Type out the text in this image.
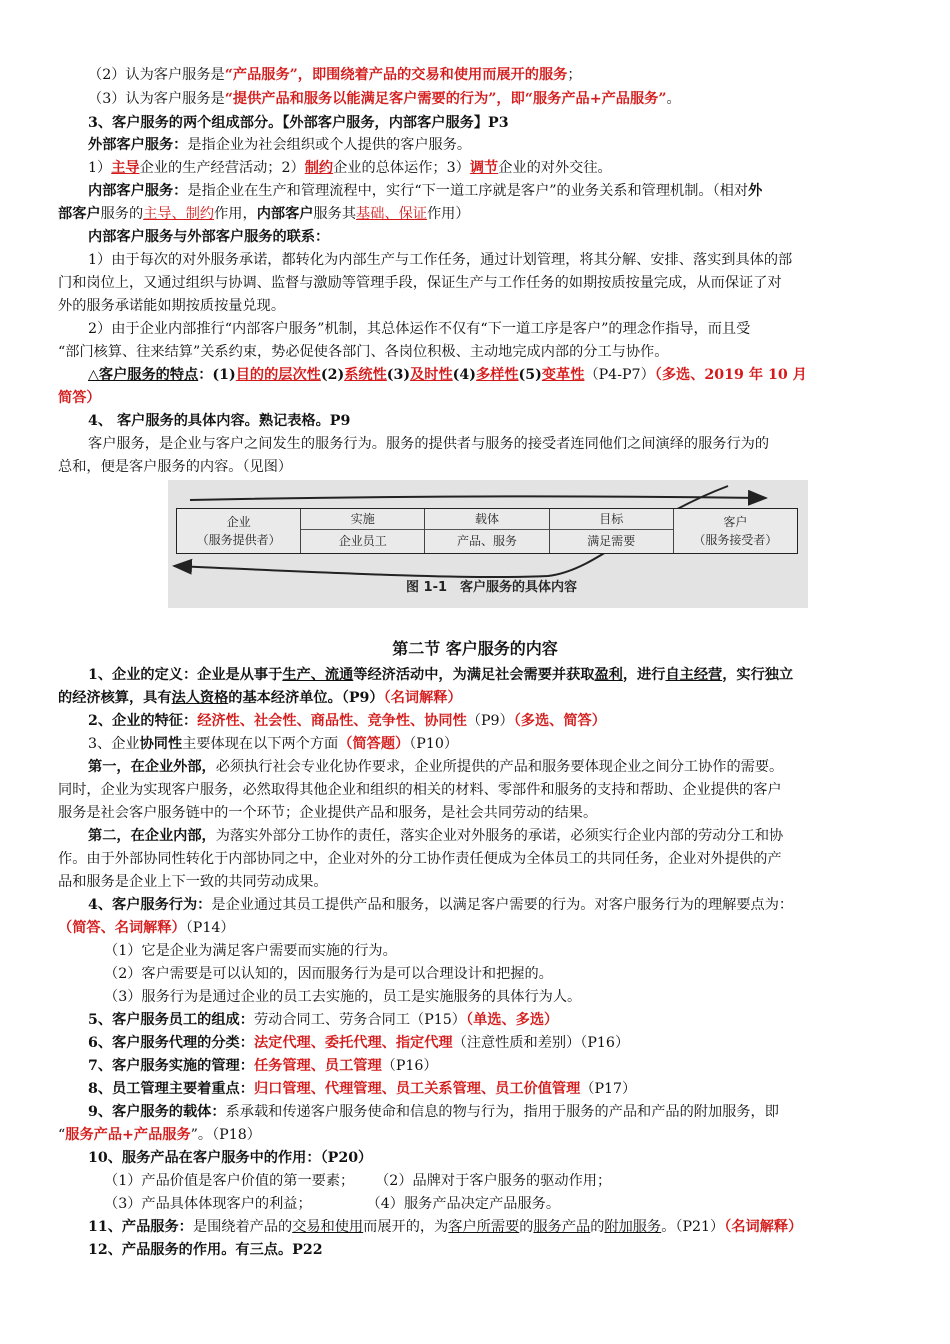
（2）认为客户服务是“产品服务”，即围绕着产品的交易和使用而展开的服务；
（3）认为客户服务是“提供产品和服务以能满足客户需要的行为”，即“服务产品+产品服务”。
3、客户服务的两个组成部分。【外部客户服务，内部客户服务】P3
外部客户服务：是指企业为社会组织或个人提供的客户服务。
1）主导企业的生产经营活动；2）制约企业的总体运作；3）调节企业的对外交往。
内部客户服务：是指企业在生产和管理流程中，实行“下一道工序就是客户”的业务关系和管理机制。（相对外
部客户服务的主导、制约作用，内部客户服务其基础、保证作用）
内部客户服务与外部客户服务的联系：
1）由于每次的对外服务承诺，都转化为内部生产与工作任务，通过计划管理，将其分解、安排、落实到具体的部
门和岗位上，又通过组织与协调、监督与激励等管理手段，保证生产与工作任务的如期按质按量完成，从而保证了对
外的服务承诺能如期按质按量兑现。
2）由于企业内部推行“内部客户服务”机制，其总体运作不仅有“下一道工序是客户”的理念作指导，而且受
“部门核算、往来结算”关系约束，势必促使各部门、各岗位积极、主动地完成内部的分工与协作。
△客户服务的特点：(1)目的的层次性(2)系统性(3)及时性(4)多样性(5)变革性（P4-P7）（多选、2019 年 10 月
简答）
4、 客户服务的具体内容。熟记表格。P9
客户服务，是企业与客户之间发生的服务行为。服务的提供者与服务的接受者连同他们之间演绎的服务行为的
总和，便是客户服务的内容。（见图）
企业
（服务提供者）
实施
企业员工
载体
产品、服务
目标
满足需要
客户
（服务接受者）
图 1-1　客户服务的具体内容
第二节 客户服务的内容
1、企业的定义：企业是从事于生产、流通等经济活动中，为满足社会需要并获取盈利，进行自主经营，实行独立
的经济核算，具有法人资格的基本经济单位。（P9）（名词解释）
2、企业的特征：经济性、社会性、商品性、竞争性、协同性（P9）（多选、简答）
3、企业协同性主要体现在以下两个方面（简答题）（P10）
第一，在企业外部，必须执行社会专业化协作要求，企业所提供的产品和服务要体现企业之间分工协作的需要。
同时，企业为实现客户服务，必然取得其他企业和组织的相关的材料、零部件和服务的支持和帮助、企业提供的客户
服务是社会客户服务链中的一个环节；企业提供产品和服务，是社会共同劳动的结果。
第二，在企业内部，为落实外部分工协作的责任，落实企业对外服务的承诺，必须实行企业内部的劳动分工和协
作。由于外部协同性转化于内部协同之中，企业对外的分工协作责任便成为全体员工的共同任务，企业对外提供的产
品和服务是企业上下一致的共同劳动成果。
4、客户服务行为：是企业通过其员工提供产品和服务，以满足客户需要的行为。对客户服务行为的理解要点为：
（简答、名词解释）（P14）
（1）它是企业为满足客户需要而实施的行为。
（2）客户需要是可以认知的，因而服务行为是可以合理设计和把握的。
（3）服务行为是通过企业的员工去实施的，员工是实施服务的具体行为人。
5、客户服务员工的组成：劳动合同工、劳务合同工（P15）（单选、多选）
6、客户服务代理的分类：法定代理、委托代理、指定代理（注意性质和差别）（P16）
7、客户服务实施的管理：任务管理、员工管理（P16）
8、员工管理主要着重点：归口管理、代理管理、员工关系管理、员工价值管理（P17）
9、客户服务的载体：系承载和传递客户服务使命和信息的物与行为，指用于服务的产品和产品的附加服务，即
“服务产品+产品服务”。（P18）
10、服务产品在客户服务中的作用：（P20）
（1）产品价值是客户价值的第一要素； （2）品牌对于客户服务的驱动作用；
（3）产品具体体现客户的利益；	（4）服务产品决定产品服务。
11、产品服务：是围绕着产品的交易和使用而展开的，为客户所需要的服务产品的附加服务。（P21）（名词解释）
12、产品服务的作用。有三点。P22
